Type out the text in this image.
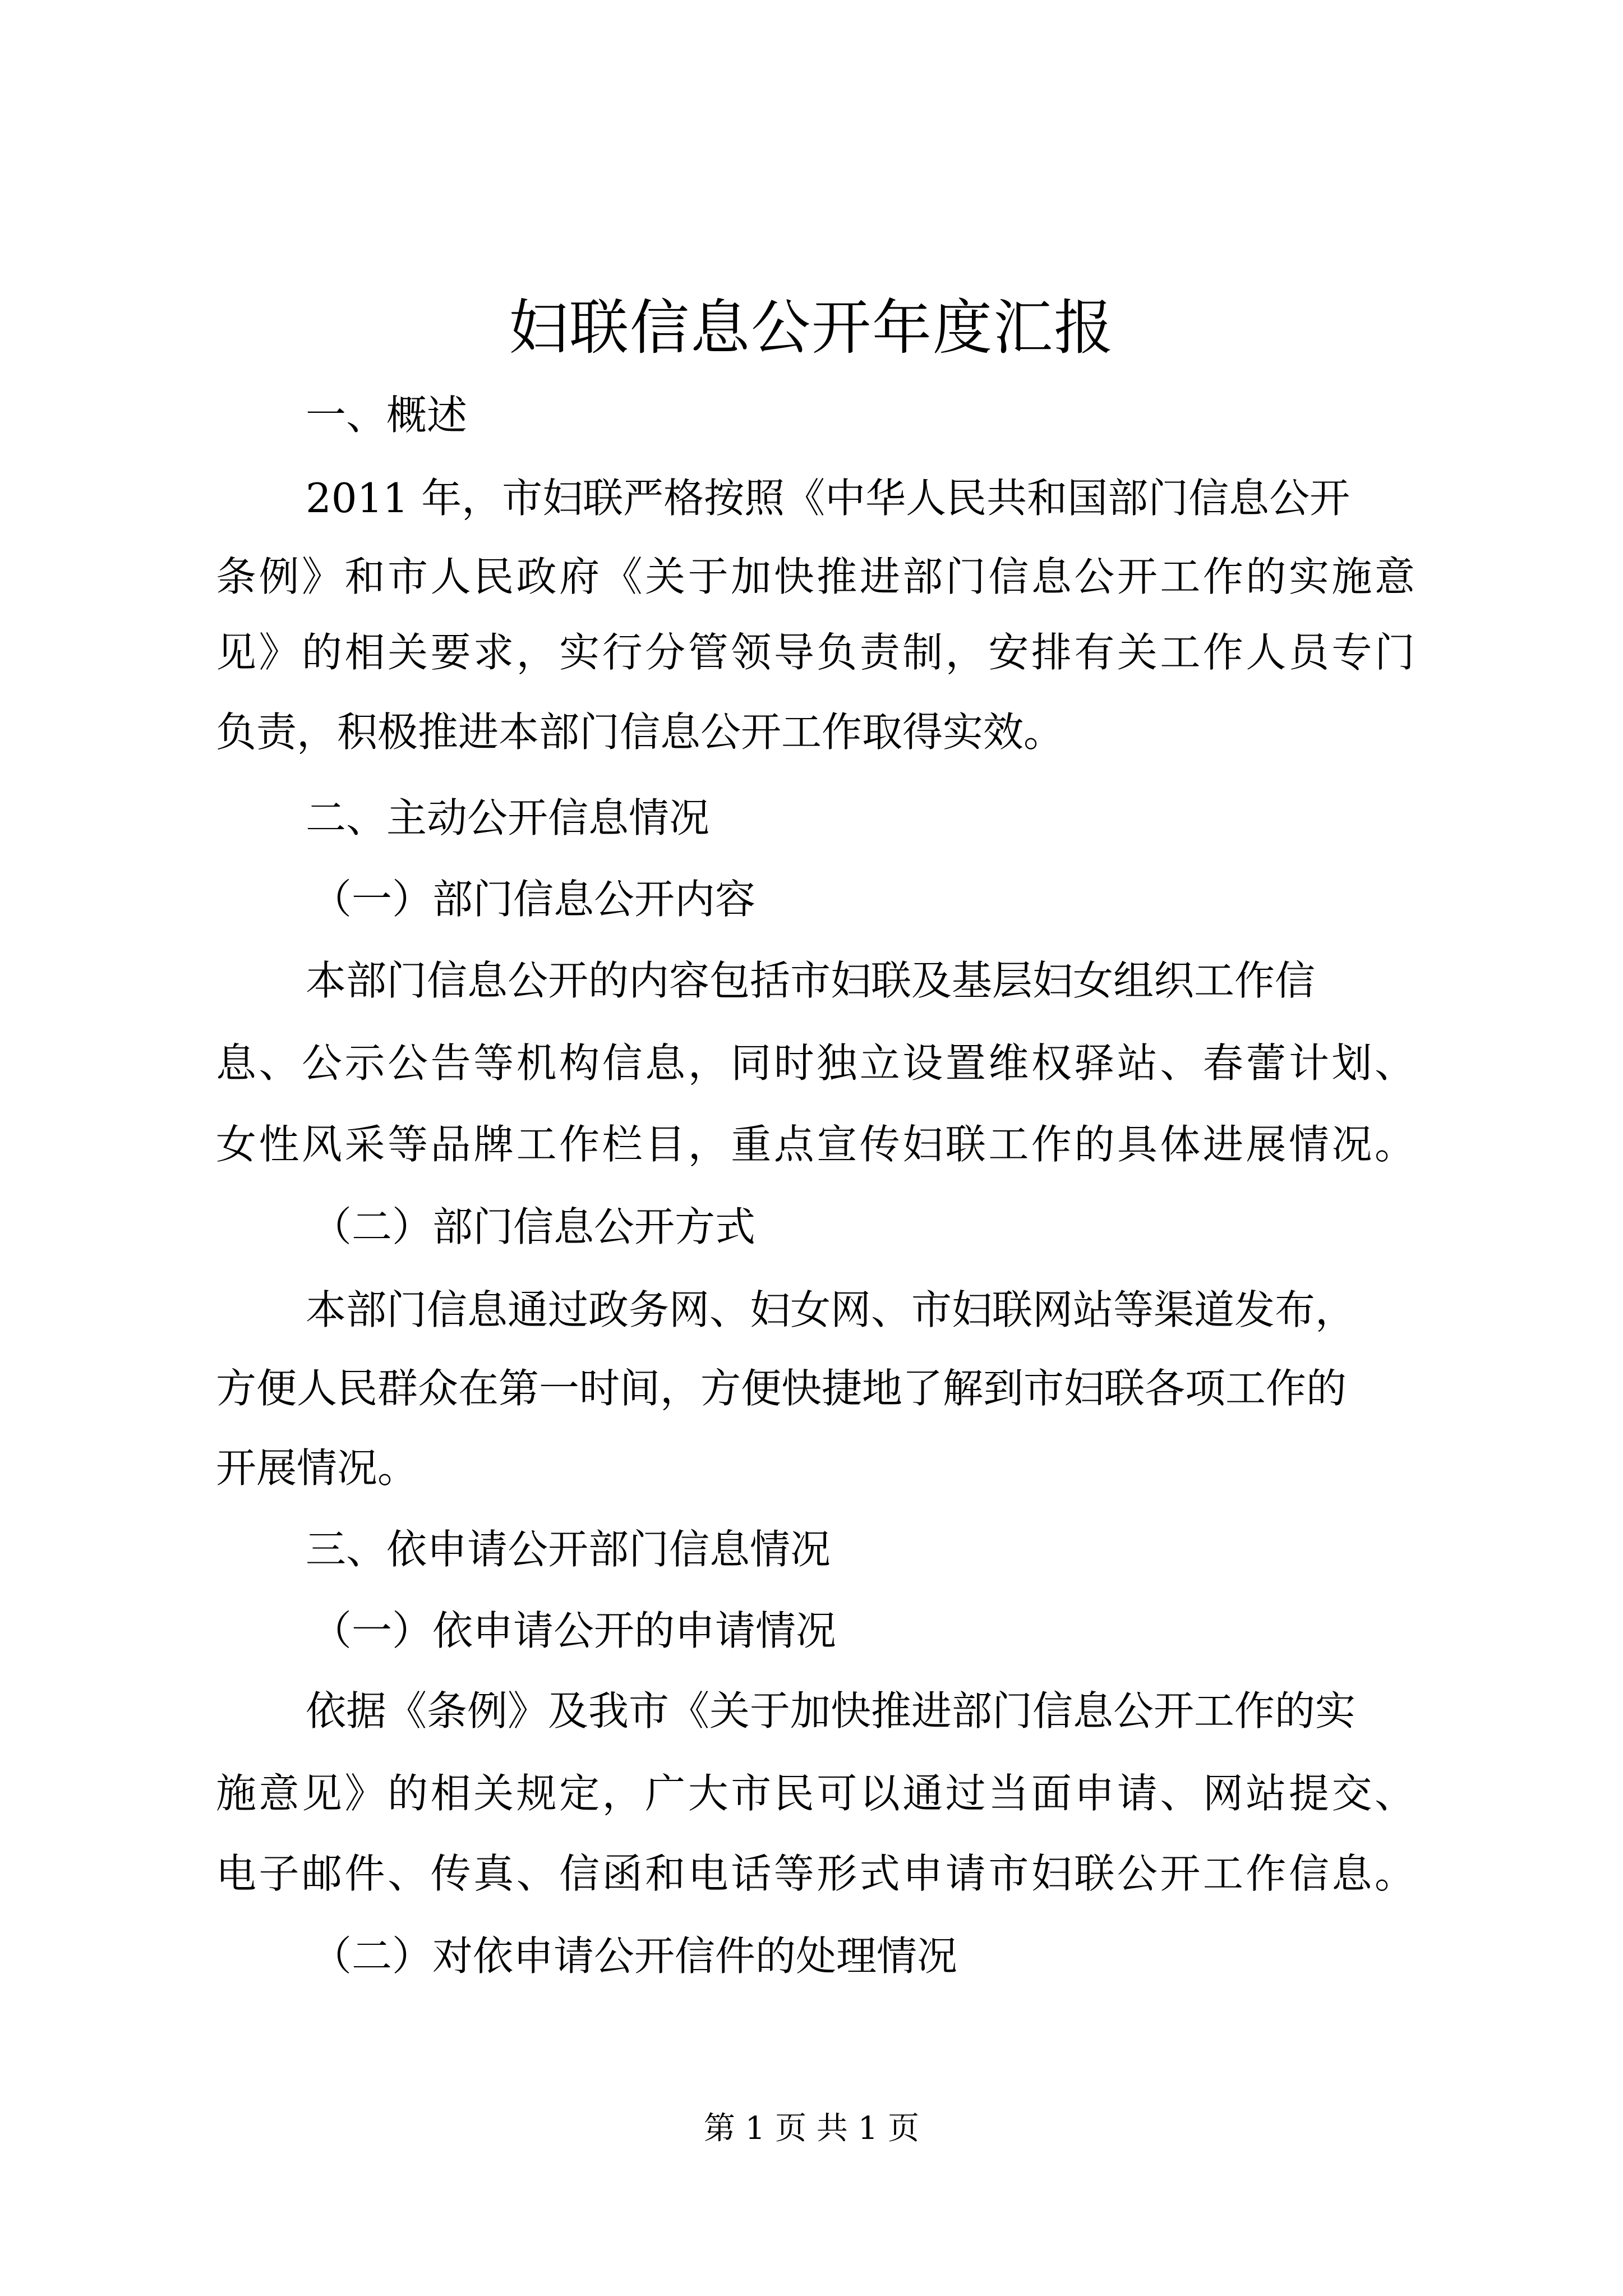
妇联信息公开年度汇报

一、概述

2011 年，市妇联严格按照《中华人民共和国部门信息公开

条例》和市人民政府《关于加快推进部门信息公开工作的实施意

见》的相关要求，实行分管领导负责制，安排有关工作人员专门

负责，积极推进本部门信息公开工作取得实效。

二、主动公开信息情况

（一）部门信息公开内容

本部门信息公开的内容包括市妇联及基层妇女组织工作信

息、公示公告等机构信息，同时独立设置维权驿站、春蕾计划、

女性风采等品牌工作栏目，重点宣传妇联工作的具体进展情况。

（二）部门信息公开方式

本部门信息通过政务网、妇女网、市妇联网站等渠道发布，

方便人民群众在第一时间，方便快捷地了解到市妇联各项工作的

开展情况。

三、依申请公开部门信息情况

（一）依申请公开的申请情况

依据《条例》及我市《关于加快推进部门信息公开工作的实

施意见》的相关规定，广大市民可以通过当面申请、网站提交、

电子邮件、传真、信函和电话等形式申请市妇联公开工作信息。

（二）对依申请公开信件的处理情况

第 1 页 共 1 页
